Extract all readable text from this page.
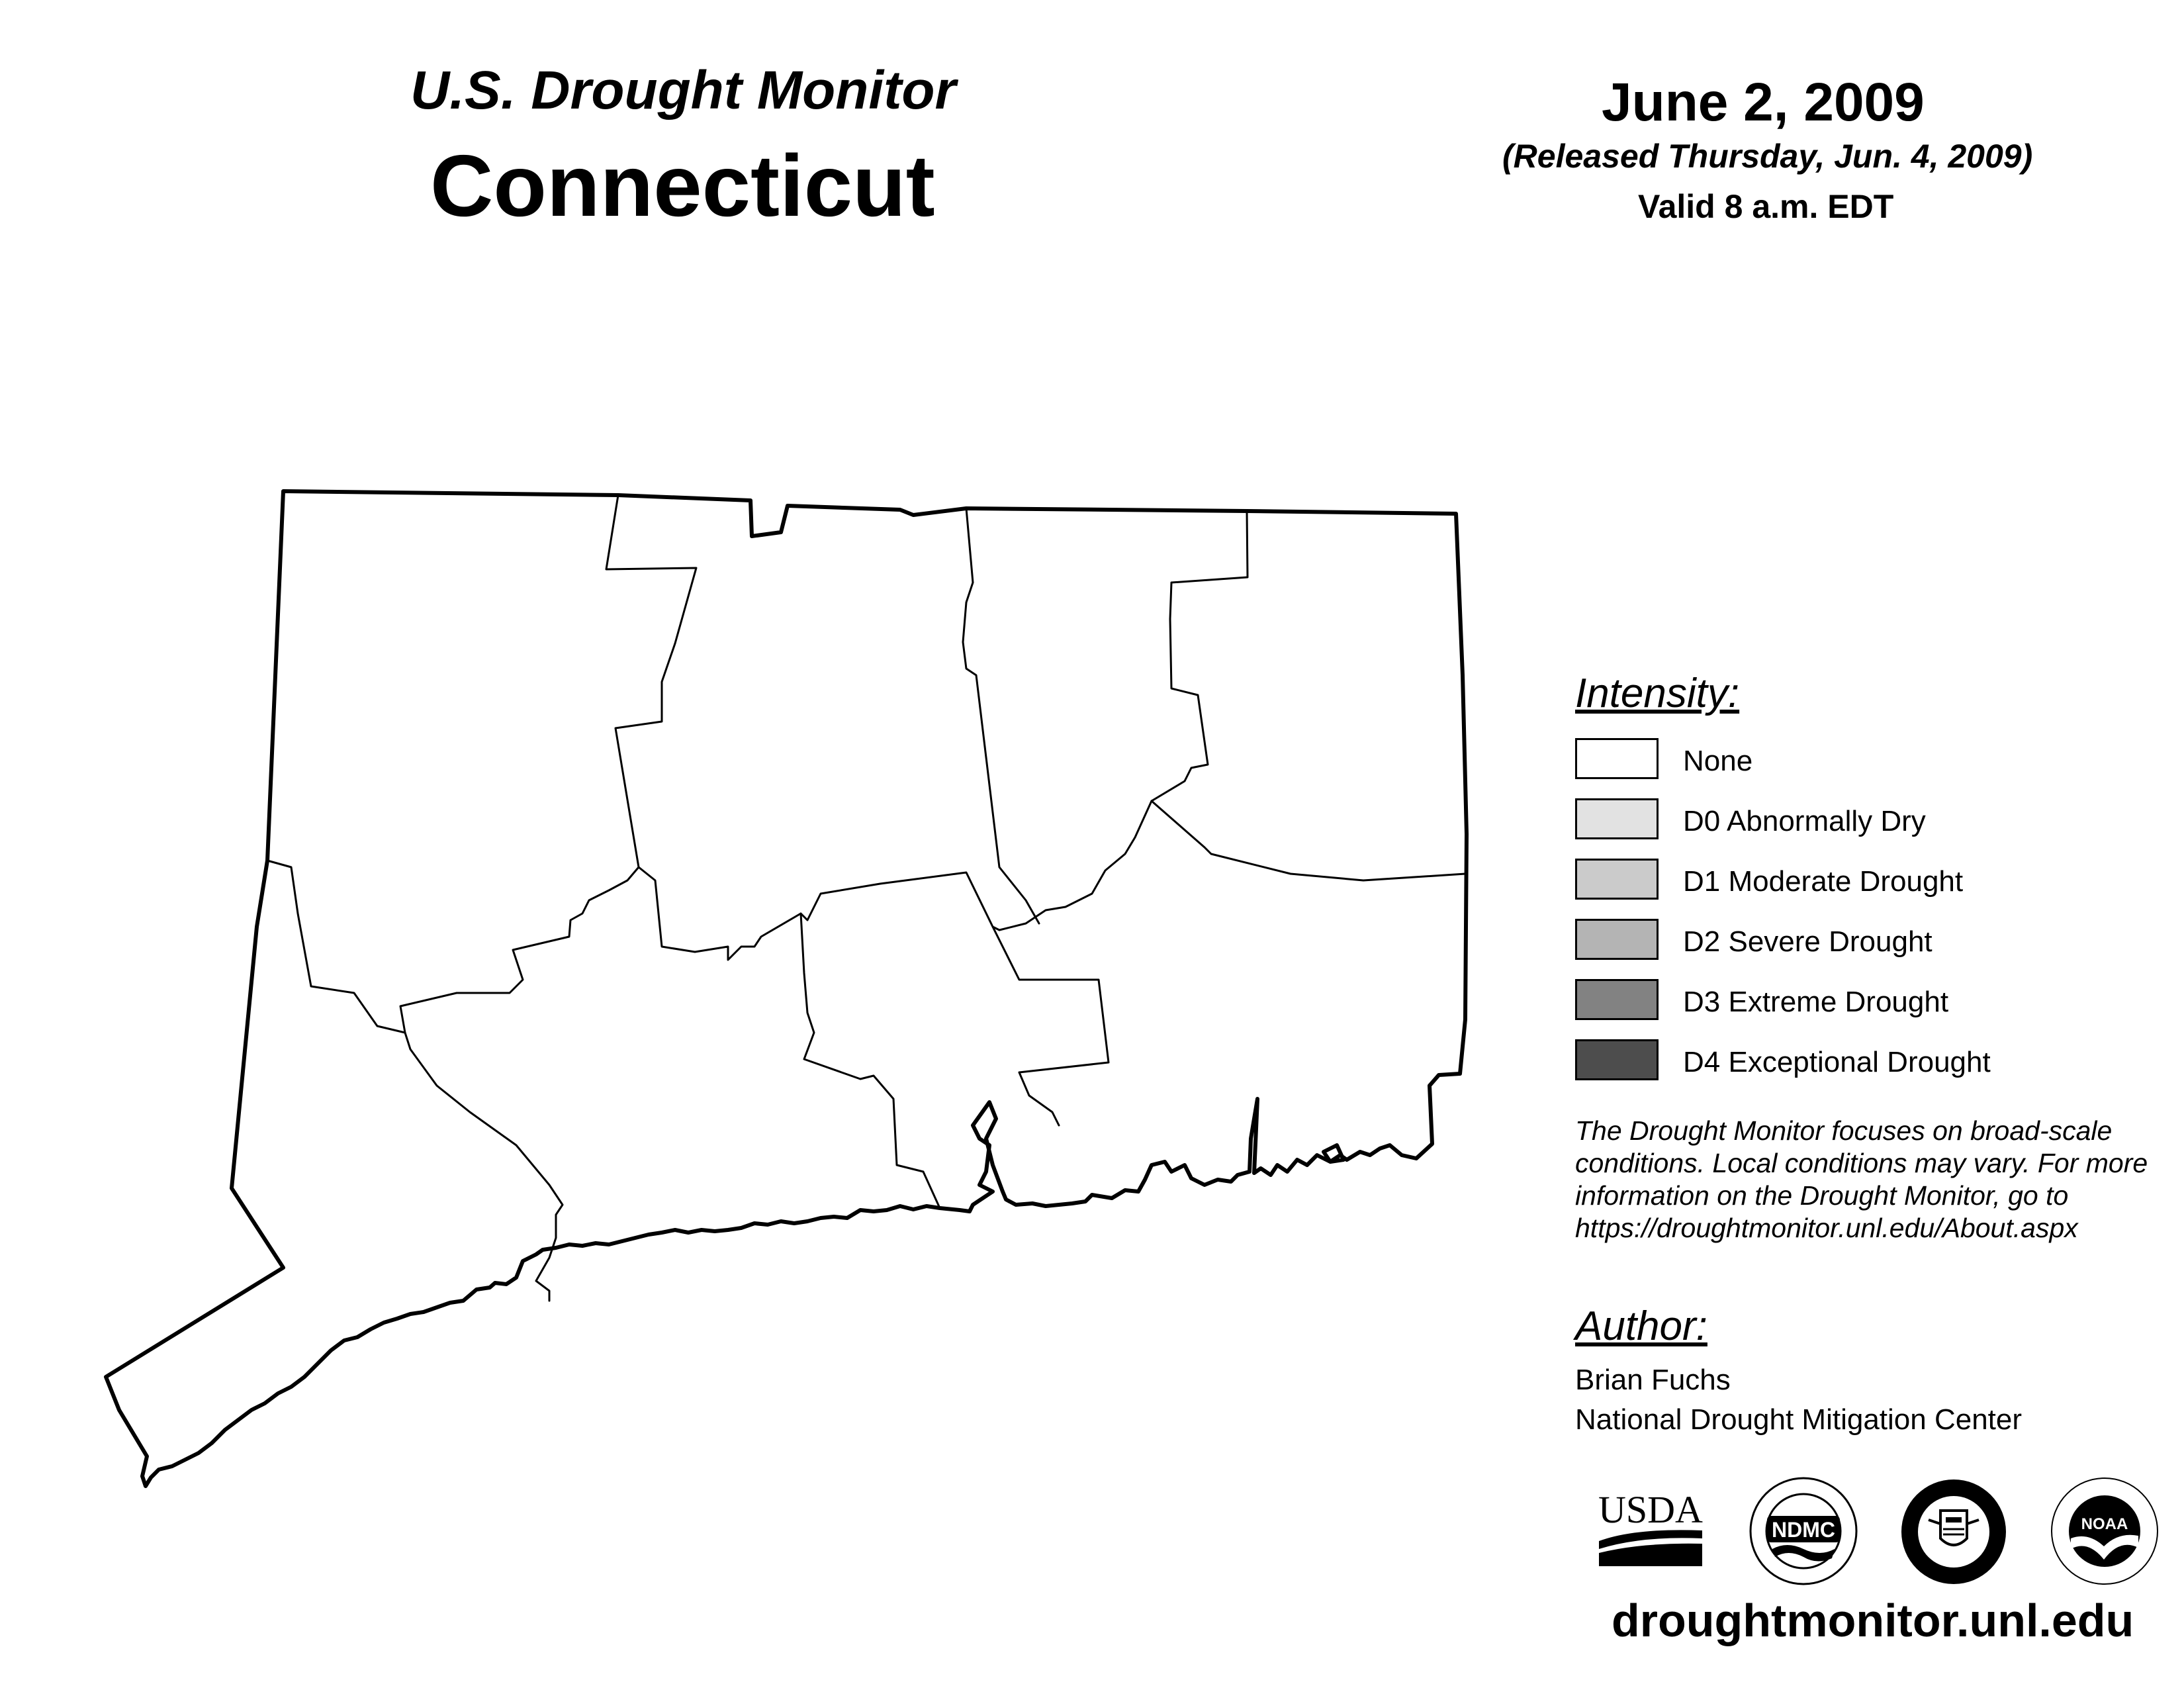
U.S. Drought Monitor
Connecticut
June 2, 2009
(Released Thursday, Jun. 4, 2009)
Valid 8 a.m. EDT
Intensity:
None
D0 Abnormally Dry
D1 Moderate Drought
D2 Severe Drought
D3 Extreme Drought
D4 Exceptional Drought
The Drought Monitor focuses on broad-scale
conditions. Local conditions may vary. For more
information on the Drought Monitor, go to
https://droughtmonitor.unl.edu/About.aspx
Author:
Brian Fuchs
National Drought Mitigation Center
USDA	NDMC	NOAA
droughtmonitor.unl.edu
